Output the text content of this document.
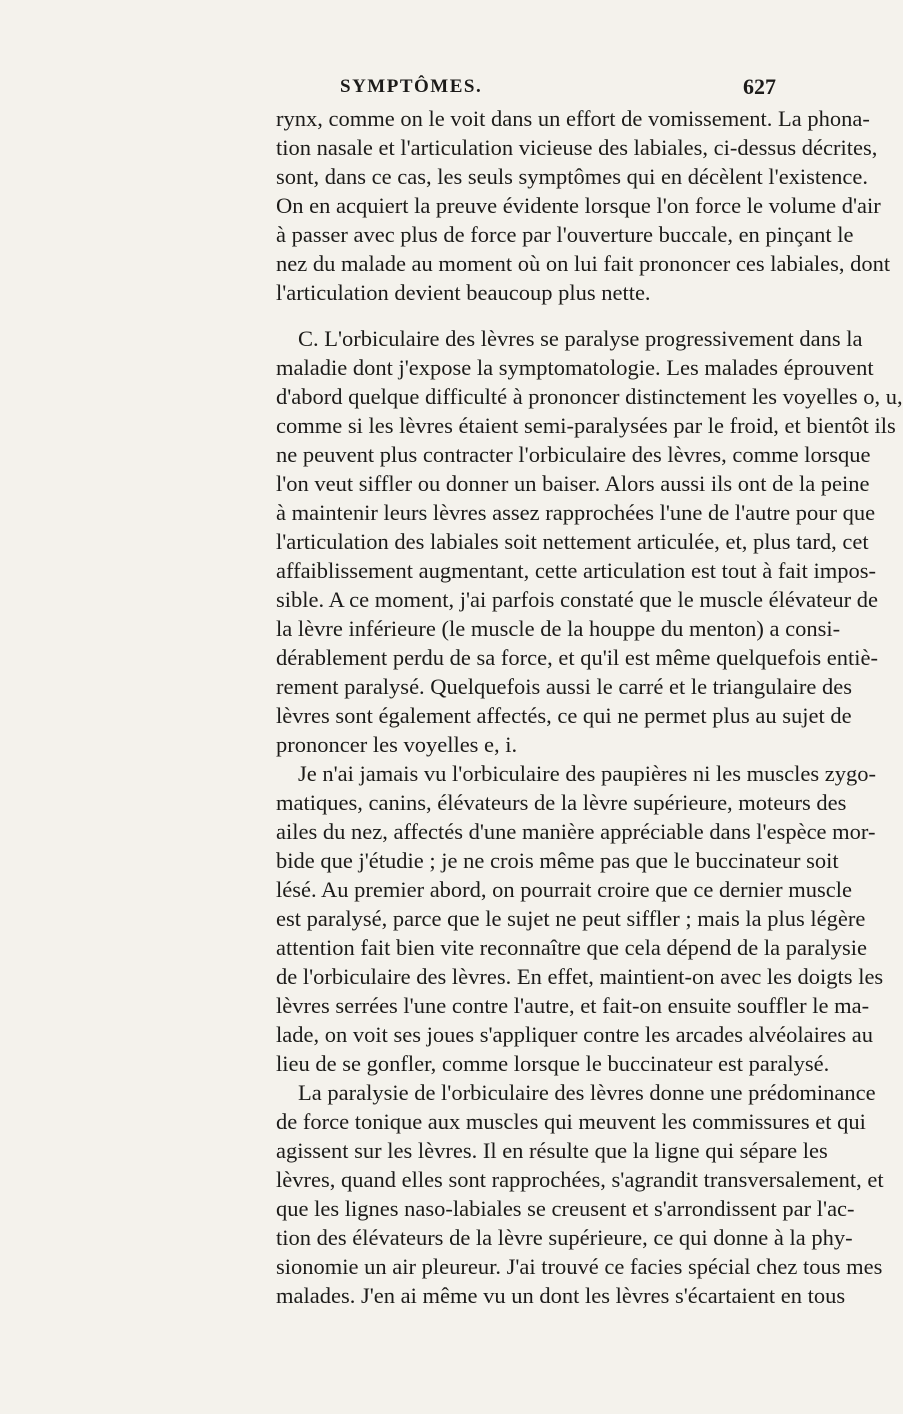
SYMPTÔMES.	627
rynx, comme on le voit dans un effort de vomissement. La phona-
tion nasale et l'articulation vicieuse des labiales, ci-dessus décrites,
sont, dans ce cas, les seuls symptômes qui en décèlent l'existence.
On en acquiert la preuve évidente lorsque l'on force le volume d'air
à passer avec plus de force par l'ouverture buccale, en pinçant le
nez du malade au moment où on lui fait prononcer ces labiales, dont
l'articulation devient beaucoup plus nette.
C. L'orbiculaire des lèvres se paralyse progressivement dans la
maladie dont j'expose la symptomatologie. Les malades éprouvent
d'abord quelque difficulté à prononcer distinctement les voyelles o, u,
comme si les lèvres étaient semi-paralysées par le froid, et bientôt ils
ne peuvent plus contracter l'orbiculaire des lèvres, comme lorsque
l'on veut siffler ou donner un baiser. Alors aussi ils ont de la peine
à maintenir leurs lèvres assez rapprochées l'une de l'autre pour que
l'articulation des labiales soit nettement articulée, et, plus tard, cet
affaiblissement augmentant, cette articulation est tout à fait impos-
sible. A ce moment, j'ai parfois constaté que le muscle élévateur de
la lèvre inférieure (le muscle de la houppe du menton) a consi-
dérablement perdu de sa force, et qu'il est même quelquefois entiè-
rement paralysé. Quelquefois aussi le carré et le triangulaire des
lèvres sont également affectés, ce qui ne permet plus au sujet de
prononcer les voyelles e, i.
Je n'ai jamais vu l'orbiculaire des paupières ni les muscles zygo-
matiques, canins, élévateurs de la lèvre supérieure, moteurs des
ailes du nez, affectés d'une manière appréciable dans l'espèce mor-
bide que j'étudie ; je ne crois même pas que le buccinateur soit
lésé. Au premier abord, on pourrait croire que ce dernier muscle
est paralysé, parce que le sujet ne peut siffler ; mais la plus légère
attention fait bien vite reconnaître que cela dépend de la paralysie
de l'orbiculaire des lèvres. En effet, maintient-on avec les doigts les
lèvres serrées l'une contre l'autre, et fait-on ensuite souffler le ma-
lade, on voit ses joues s'appliquer contre les arcades alvéolaires au
lieu de se gonfler, comme lorsque le buccinateur est paralysé.
La paralysie de l'orbiculaire des lèvres donne une prédominance
de force tonique aux muscles qui meuvent les commissures et qui
agissent sur les lèvres. Il en résulte que la ligne qui sépare les
lèvres, quand elles sont rapprochées, s'agrandit transversalement, et
que les lignes naso-labiales se creusent et s'arrondissent par l'ac-
tion des élévateurs de la lèvre supérieure, ce qui donne à la phy-
sionomie un air pleureur. J'ai trouvé ce facies spécial chez tous mes
malades. J'en ai même vu un dont les lèvres s'écartaient en tous
